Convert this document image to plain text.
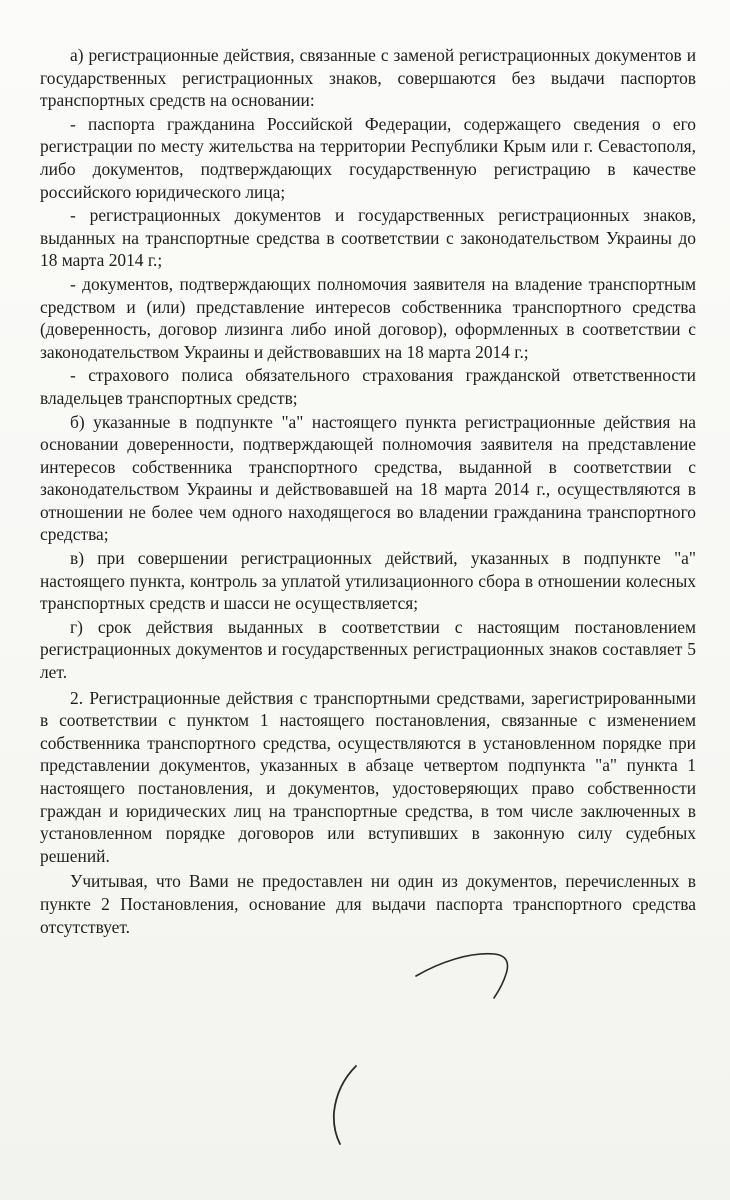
а) регистрационные действия, связанные с заменой регистрационных документов и государственных регистрационных знаков, совершаются без выдачи паспортов транспортных средств на основании:

- паспорта гражданина Российской Федерации, содержащего сведения о его регистрации по месту жительства на территории Республики Крым или г. Севастополя, либо документов, подтверждающих государственную регистрацию в качестве российского юридического лица;

- регистрационных документов и государственных регистрационных знаков, выданных на транспортные средства в соответствии с законодательством Украины до 18 марта 2014 г.;

- документов, подтверждающих полномочия заявителя на владение транспортным средством и (или) представление интересов собственника транспортного средства (доверенность, договор лизинга либо иной договор), оформленных в соответствии с законодательством Украины и действовавших на 18 марта 2014 г.;

- страхового полиса обязательного страхования гражданской ответственности владельцев транспортных средств;

б) указанные в подпункте "а" настоящего пункта регистрационные действия на основании доверенности, подтверждающей полномочия заявителя на представление интересов собственника транспортного средства, выданной в соответствии с законодательством Украины и действовавшей на 18 марта 2014 г., осуществляются в отношении не более чем одного находящегося во владении гражданина транспортного средства;

в) при совершении регистрационных действий, указанных в подпункте "а" настоящего пункта, контроль за уплатой утилизационного сбора в отношении колесных транспортных средств и шасси не осуществляется;

г) срок действия выданных в соответствии с настоящим постановлением регистрационных документов и государственных регистрационных знаков составляет 5 лет.

2. Регистрационные действия с транспортными средствами, зарегистрированными в соответствии с пунктом 1 настоящего постановления, связанные с изменением собственника транспортного средства, осуществляются в установленном порядке при представлении документов, указанных в абзаце четвертом подпункта "а" пункта 1 настоящего постановления, и документов, удостоверяющих право собственности граждан и юридических лиц на транспортные средства, в том числе заключенных в установленном порядке договоров или вступивших в законную силу судебных решений.

Учитывая, что Вами не предоставлен ни один из документов, перечисленных в пункте 2 Постановления, основание для выдачи паспорта транспортного средства отсутствует.
